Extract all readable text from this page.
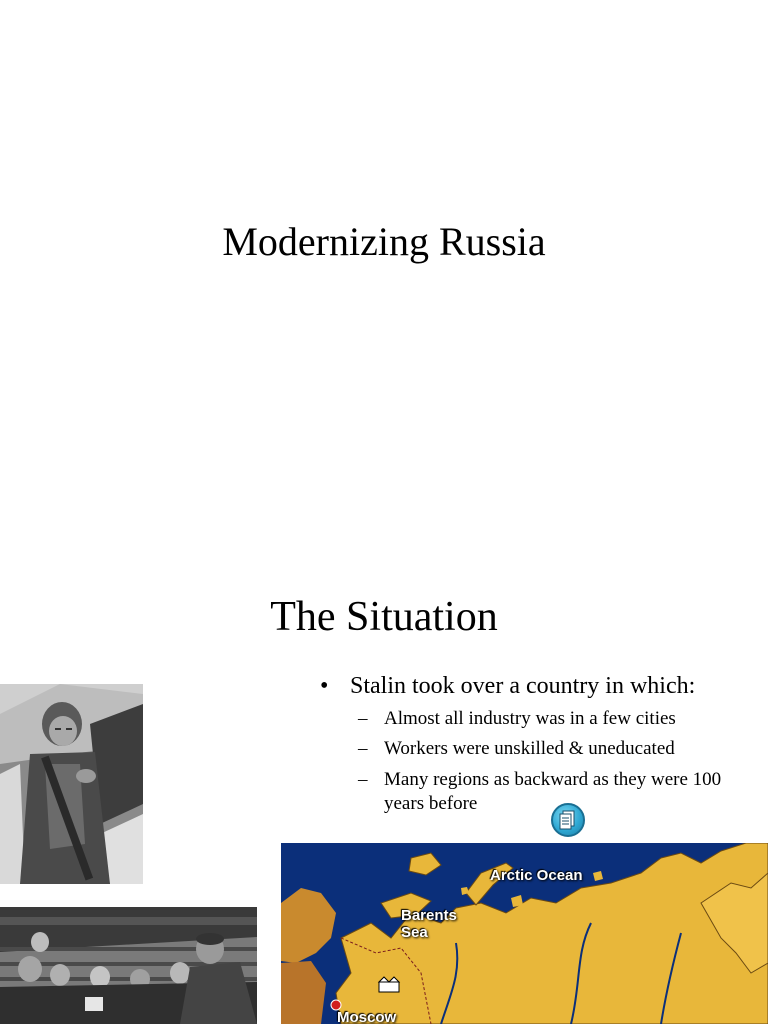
Modernizing Russia
The Situation
• Stalin took over a country in which:
– Almost all industry was in a few cities
– Workers were unskilled & uneducated
– Many regions as backward as they were 100 years before
Arctic Ocean
Barents Sea
Moscow
